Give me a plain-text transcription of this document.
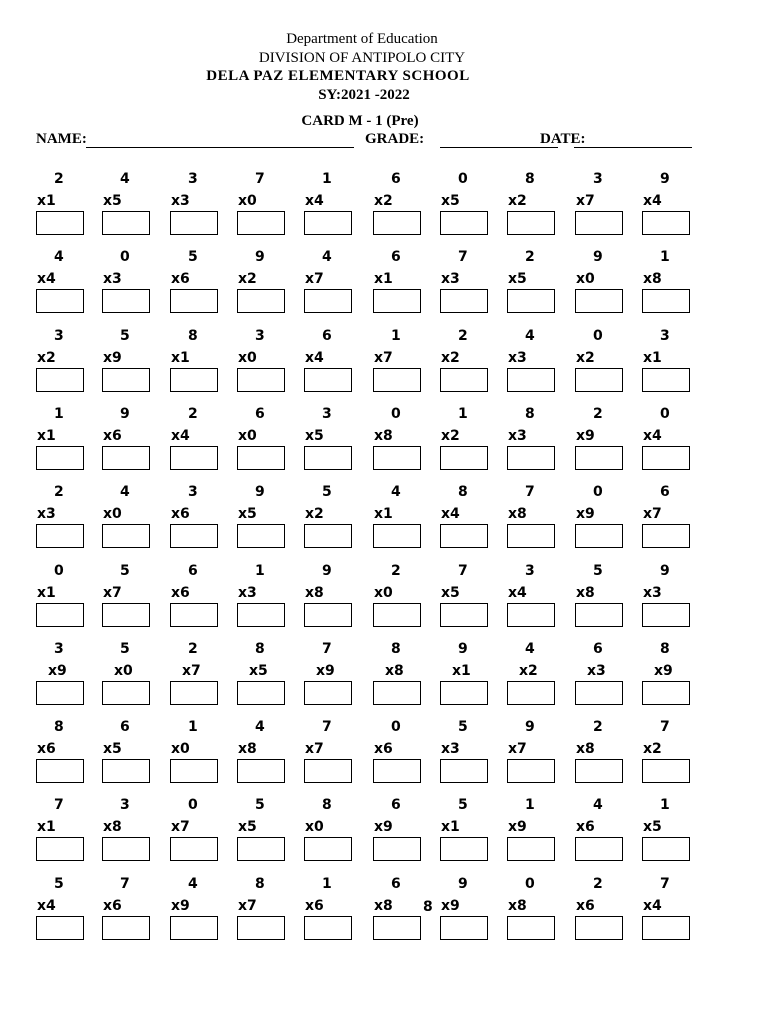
Department of Education

DIVISION OF ANTIPOLO CITY

DELA PAZ ELEMENTARY SCHOOL

SY:2021 -2022

CARD M - 1 (Pre)

NAME:	GRADE:	DATE:
2
x1
4
x5
3
x3
7
x0
1
x4
6
x2
0
x5
8
x2
3
x7
9
x4
4
x4
0
x3
5
x6
9
x2
4
x7
6
x1
7
x3
2
x5
9
x0
1
x8
3
x2
5
x9
8
x1
3
x0
6
x4
1
x7
2
x2
4
x3
0
x2
3
x1
1
x1
9
x6
2
x4
6
x0
3
x5
0
x8
1
x2
8
x3
2
x9
0
x4
2
x3
4
x0
3
x6
9
x5
5
x2
4
x1
8
x4
7
x8
0
x9
6
x7
0
x1
5
x7
6
x6
1
x3
9
x8
2
x0
7
x5
3
x4
5
x8
9
x3
3
x9
5
x0
2
x7
8
x5
7
x9
8
x8
9
x1
4
x2
6
x3
8
x9
8
x6
6
x5
1
x0
4
x8
7
x7
0
x6
5
x3
9
x7
2
x8
7
x2
7
x1
3
x8
0
x7
5
x5
8
x0
6
x9
5
x1
1
x9
4
x6
1
x5
5
x4
7
x6
4
x9
8
x7
1
x6
6
x8
9
x9
0
x8
2
x6
7
x4
8
